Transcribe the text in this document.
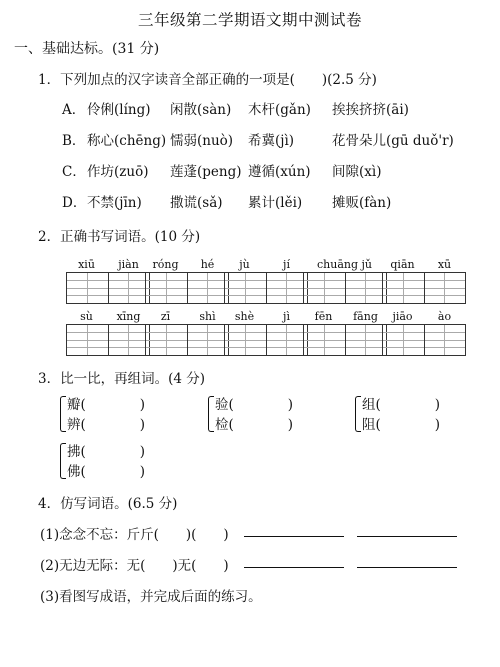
三年级第二学期语文期中测试卷
一、基础达标。(31 分)
1．下列加点的汉字读音全部正确的一项是(　　)(2.5 分)
A． 伶俐(líng) 闲散(sàn) 木杆(gǎn) 挨挨挤挤(āi)
B． 称心(chēng) 懦弱(nuò) 希冀(jì)	花骨朵儿(gū duǒ'r)
C． 作坊(zuō) 莲蓬(peng) 遵循(xún) 间隙(xì)
D． 不禁(jīn) 撒谎(sǎ) 累计(lěi) 摊贩(fàn)
2．正确书写词语。(10 分)
xiū	jiàn	róng	hé	jù	jí	chuāng jǔ	qiān	xū
sù	xīng	zī	shì	shè	jì	fēn	fāng	jiāo	ào
3．比一比，再组词。(4 分)
瓣(　　　　)
辨(　　　　)
验(　　　　)
检(　　　　)
组(　　　　)
阻(　　　　)
拂(　　　　)
佛(　　　　)
4．仿写词语。(6.5 分)
(1)念念不忘：斤斤(　　)(　　)
(2)无边无际：无(　　)无(　　)
(3)看图写成语，并完成后面的练习。
